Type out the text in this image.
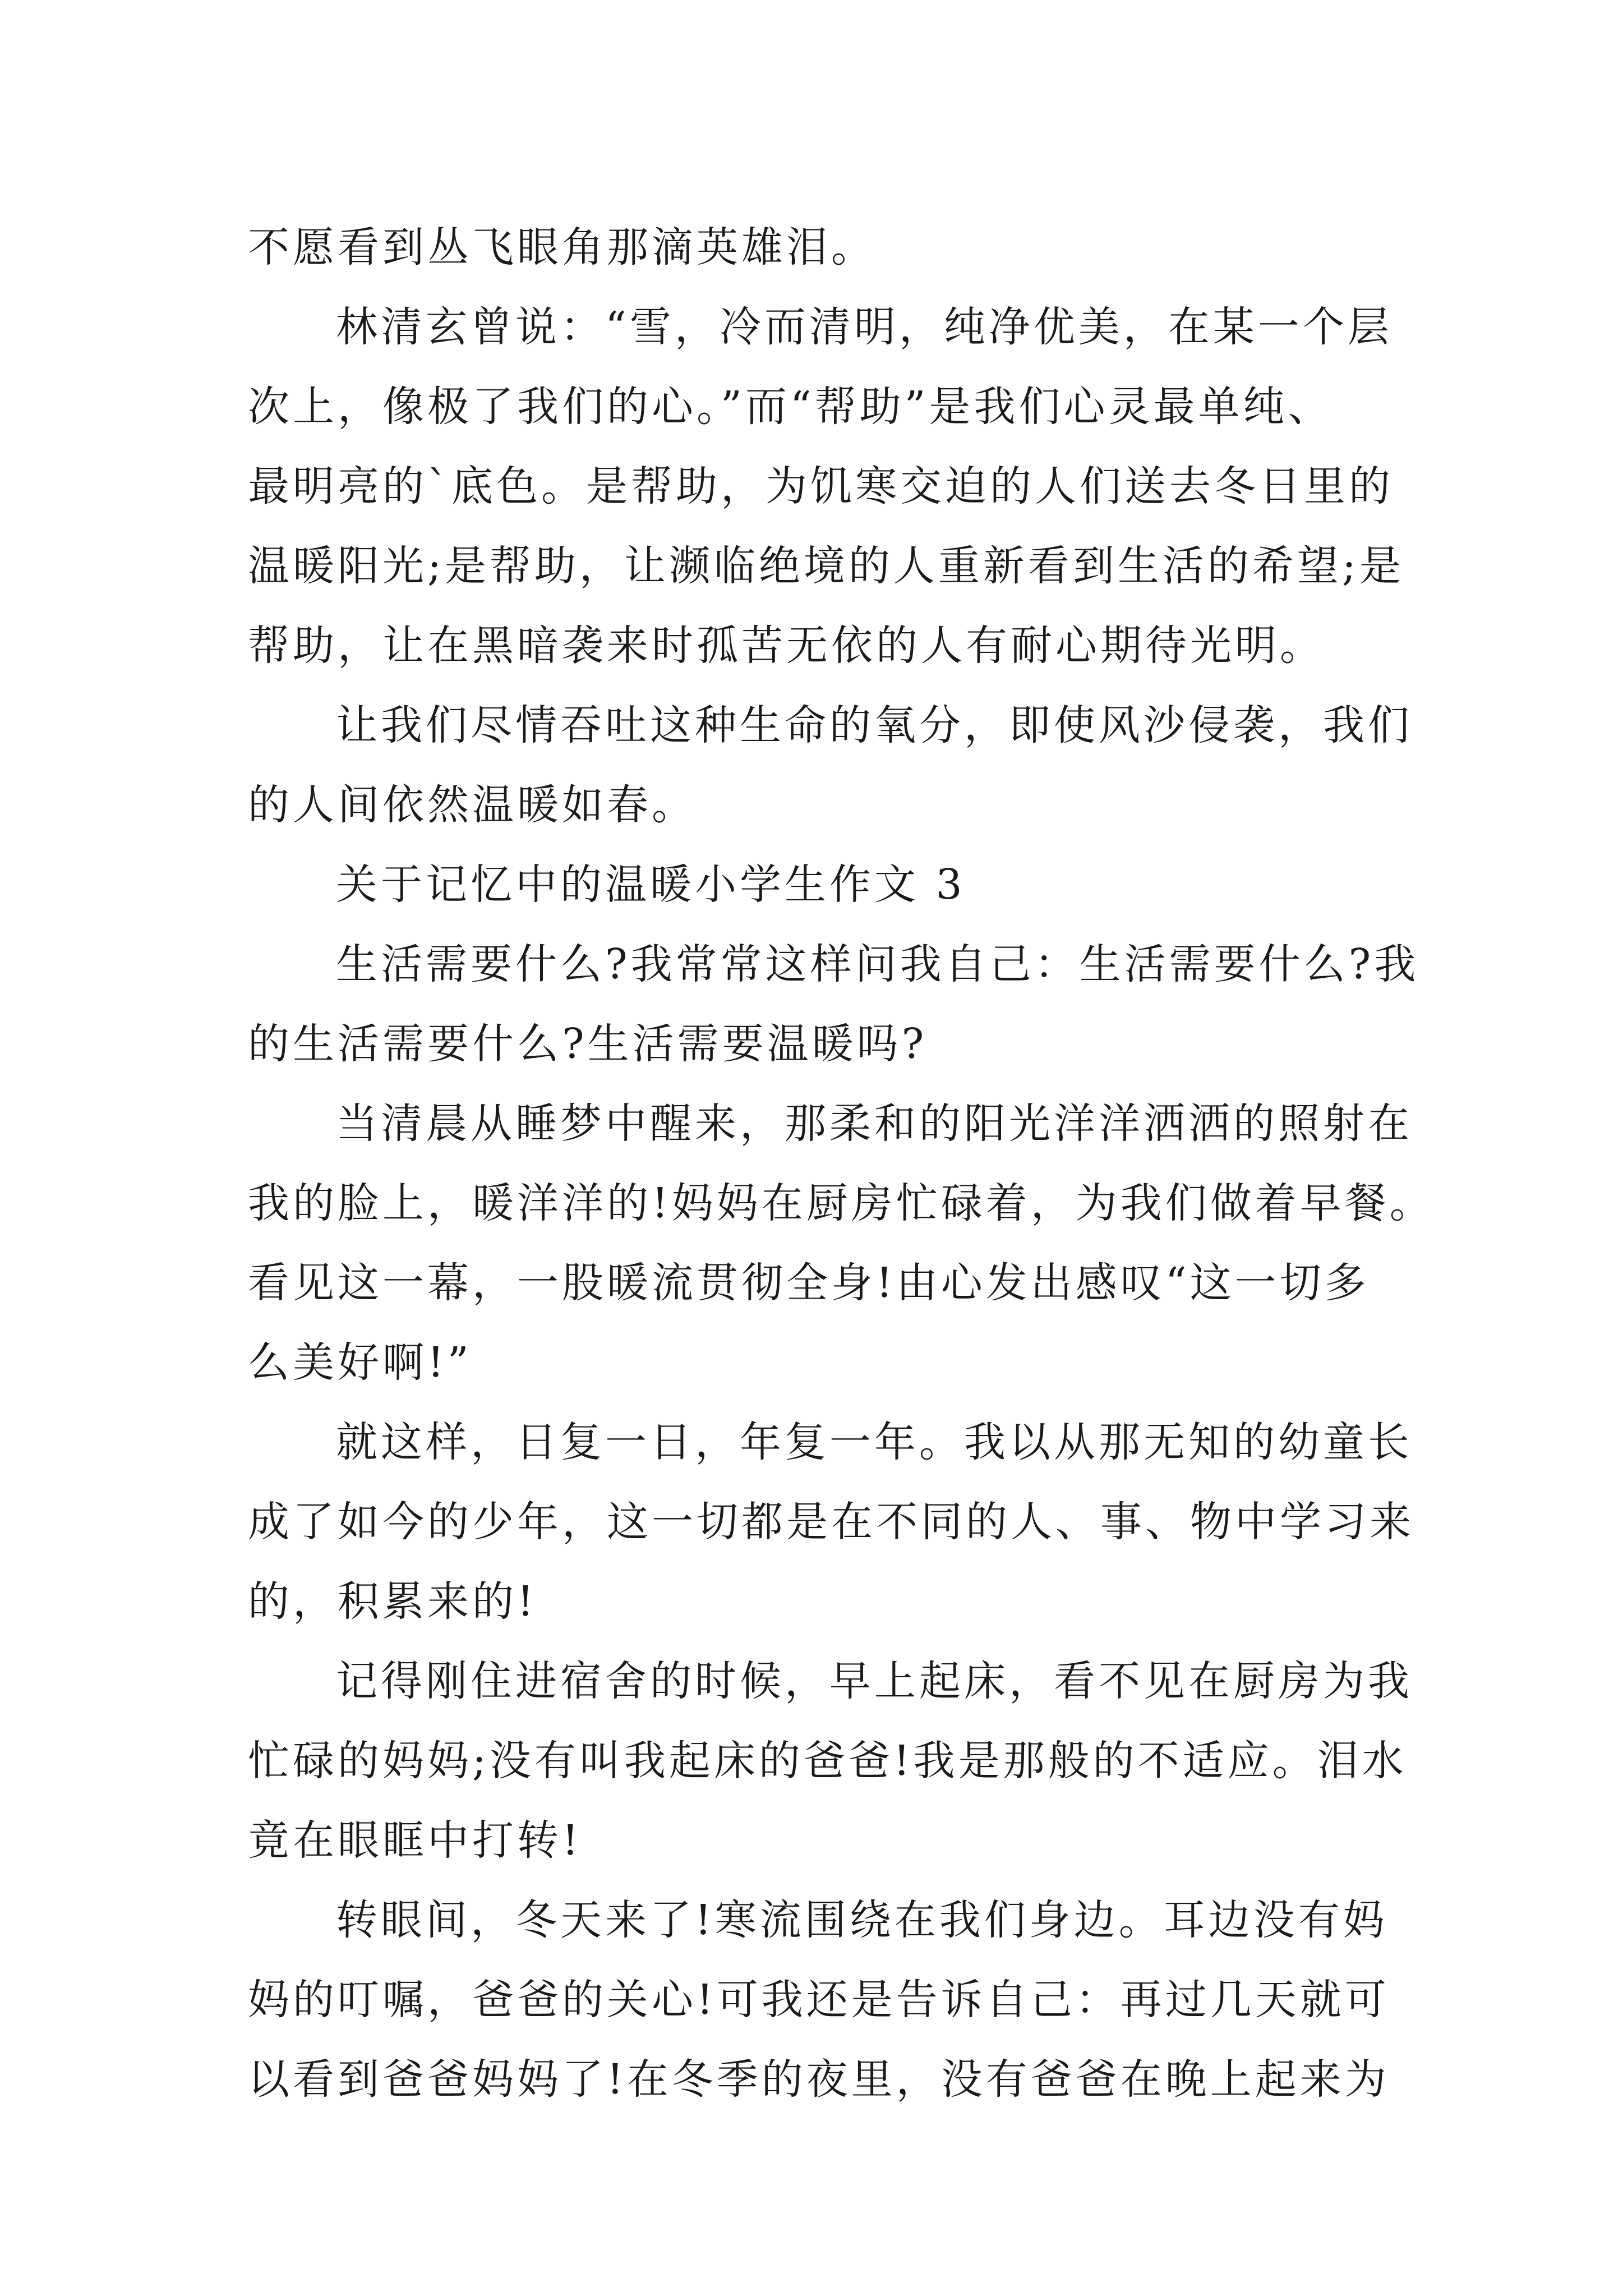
不愿看到丛飞眼角那滴英雄泪。
林清玄曾说：“雪，冷而清明，纯净优美，在某一个层
次上，像极了我们的心。”而“帮助”是我们心灵最单纯、
最明亮的`底色。是帮助，为饥寒交迫的人们送去冬日里的
温暖阳光;是帮助，让濒临绝境的人重新看到生活的希望;是
帮助，让在黑暗袭来时孤苦无依的人有耐心期待光明。
让我们尽情吞吐这种生命的氧分，即使风沙侵袭，我们
的人间依然温暖如春。
关于记忆中的温暖小学生作文 3
生活需要什么?我常常这样问我自己：生活需要什么?我
的生活需要什么?生活需要温暖吗?
当清晨从睡梦中醒来，那柔和的阳光洋洋洒洒的照射在
我的脸上，暖洋洋的!妈妈在厨房忙碌着，为我们做着早餐。
看见这一幕，一股暖流贯彻全身!由心发出感叹“这一切多
么美好啊!”
就这样，日复一日，年复一年。我以从那无知的幼童长
成了如今的少年，这一切都是在不同的人、事、物中学习来
的，积累来的!
记得刚住进宿舍的时候，早上起床，看不见在厨房为我
忙碌的妈妈;没有叫我起床的爸爸!我是那般的不适应。泪水
竟在眼眶中打转!
转眼间，冬天来了!寒流围绕在我们身边。耳边没有妈
妈的叮嘱，爸爸的关心!可我还是告诉自己：再过几天就可
以看到爸爸妈妈了!在冬季的夜里，没有爸爸在晚上起来为
